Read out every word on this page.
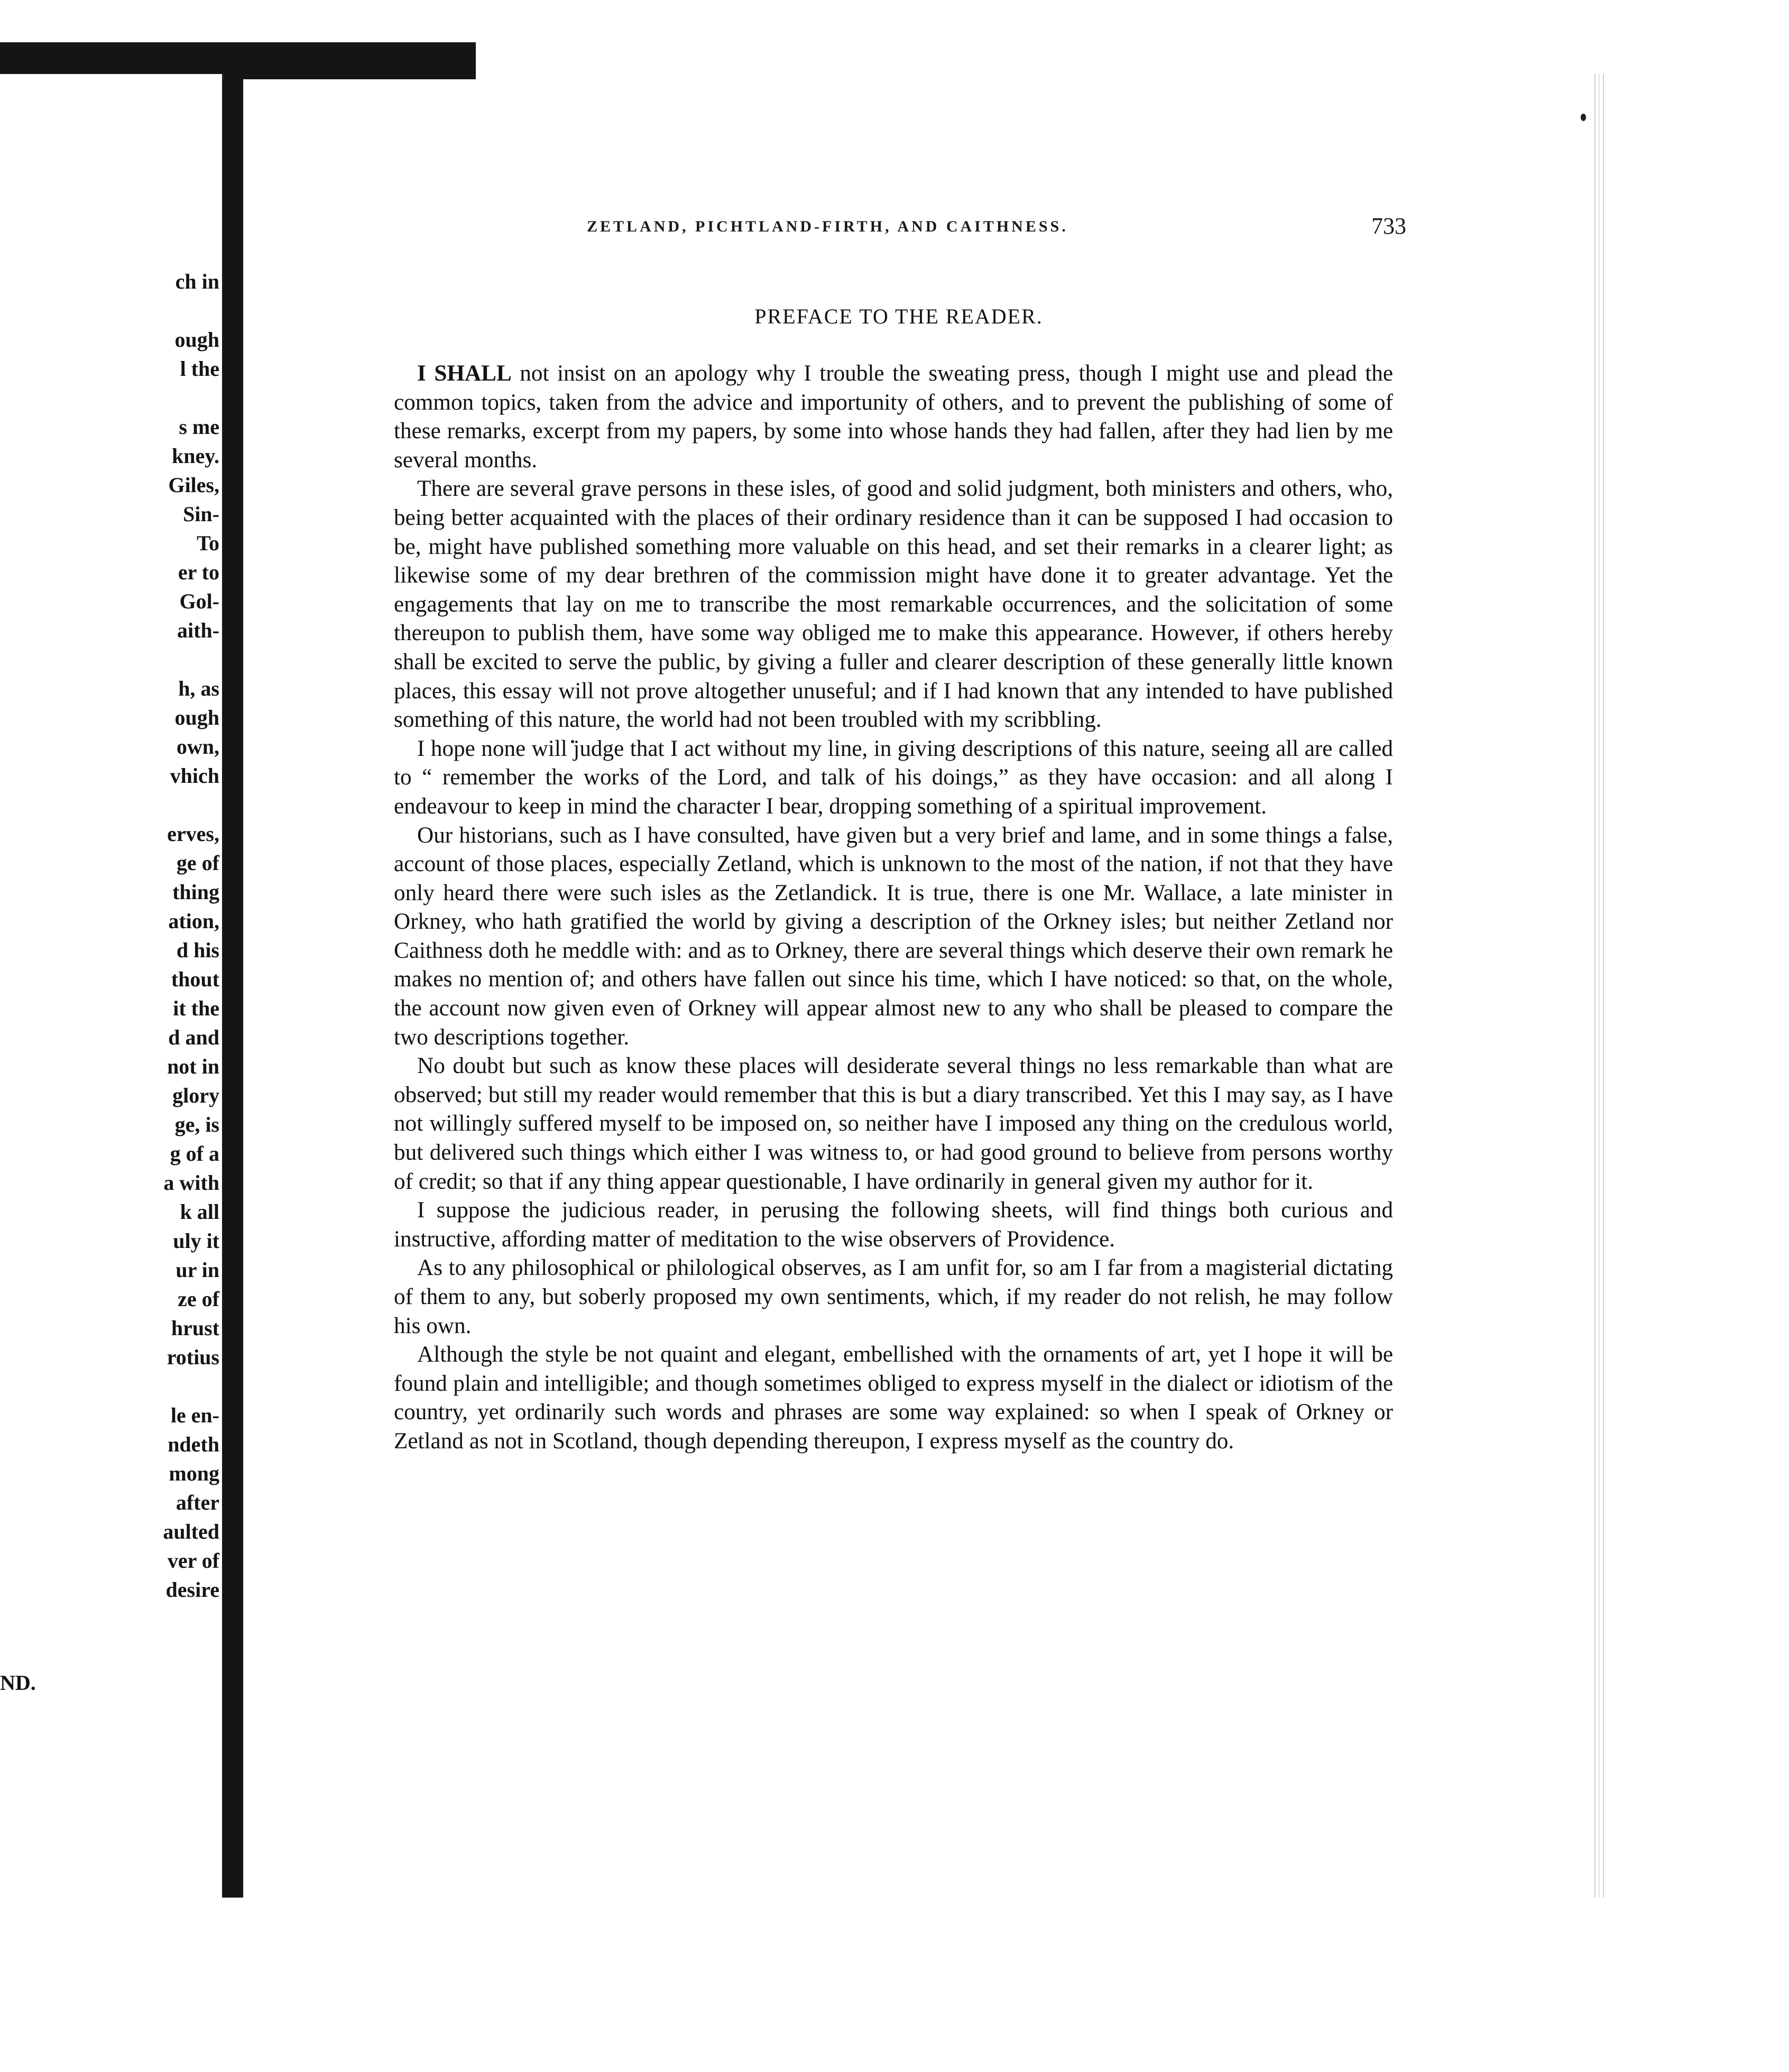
ch in
ough
l the
s me
kney.
Giles,
Sin-
To
er to
Gol-
aith-
h, as
ough
own,
vhich
erves,
ge of
thing
ation,
d his
thout
it the
d and
not in
glory
ge, is
g of a
a with
k all
uly it
ur in
ze of
hrust
rotius
le en-
ndeth
mong
after
aulted
ver of
desire
ND.
ZETLAND, PICHTLAND-FIRTH, AND CAITHNESS.	733
PREFACE TO THE READER.

I SHALL not insist on an apology why I trouble the sweating press, though I might use and plead the common topics, taken from the advice and importunity of others, and to prevent the publishing of some of these remarks, excerpt from my papers, by some into whose hands they had fallen, after they had lien by me several months.

There are several grave persons in these isles, of good and solid judgment, both ministers and others, who, being better acquainted with the places of their ordinary residence than it can be supposed I had occasion to be, might have published something more valuable on this head, and set their remarks in a clearer light; as likewise some of my dear brethren of the commission might have done it to greater advantage. Yet the engagements that lay on me to transcribe the most remarkable occurrences, and the solicitation of some thereupon to publish them, have some way obliged me to make this appearance. However, if others hereby shall be excited to serve the public, by giving a fuller and clearer description of these generally little known places, this essay will not prove altogether unuseful; and if I had known that any intended to have published something of this nature, the world had not been troubled with my scribbling.

I hope none will judge that I act without my line, in giving descriptions of this nature, seeing all are called to “ remember the works of the Lord, and talk of his doings,” as they have occasion: and all along I endeavour to keep in mind the character I bear, dropping something of a spiritual improvement.

Our historians, such as I have consulted, have given but a very brief and lame, and in some things a false, account of those places, especially Zetland, which is unknown to the most of the nation, if not that they have only heard there were such isles as the Zetlandick. It is true, there is one Mr. Wallace, a late minister in Orkney, who hath gratified the world by giving a description of the Orkney isles; but neither Zetland nor Caithness doth he meddle with: and as to Orkney, there are several things which deserve their own remark he makes no mention of; and others have fallen out since his time, which I have noticed: so that, on the whole, the account now given even of Orkney will appear almost new to any who shall be pleased to compare the two descriptions together.

No doubt but such as know these places will desiderate several things no less remarkable than what are observed; but still my reader would remember that this is but a diary transcribed. Yet this I may say, as I have not willingly suffered myself to be imposed on, so neither have I imposed any thing on the credulous world, but delivered such things which either I was witness to, or had good ground to believe from persons worthy of credit; so that if any thing appear questionable, I have ordinarily in general given my author for it.

I suppose the judicious reader, in perusing the following sheets, will find things both curious and instructive, affording matter of meditation to the wise observers of Providence.

As to any philosophical or philological observes, as I am unfit for, so am I far from a magisterial dictating of them to any, but soberly proposed my own sentiments, which, if my reader do not relish, he may follow his own.

Although the style be not quaint and elegant, embellished with the ornaments of art, yet I hope it will be found plain and intelligible; and though sometimes obliged to express myself in the dialect or idiotism of the country, yet ordinarily such words and phrases are some way explained: so when I speak of Orkney or Zetland as not in Scotland, though depending thereupon, I express myself as the country do.
